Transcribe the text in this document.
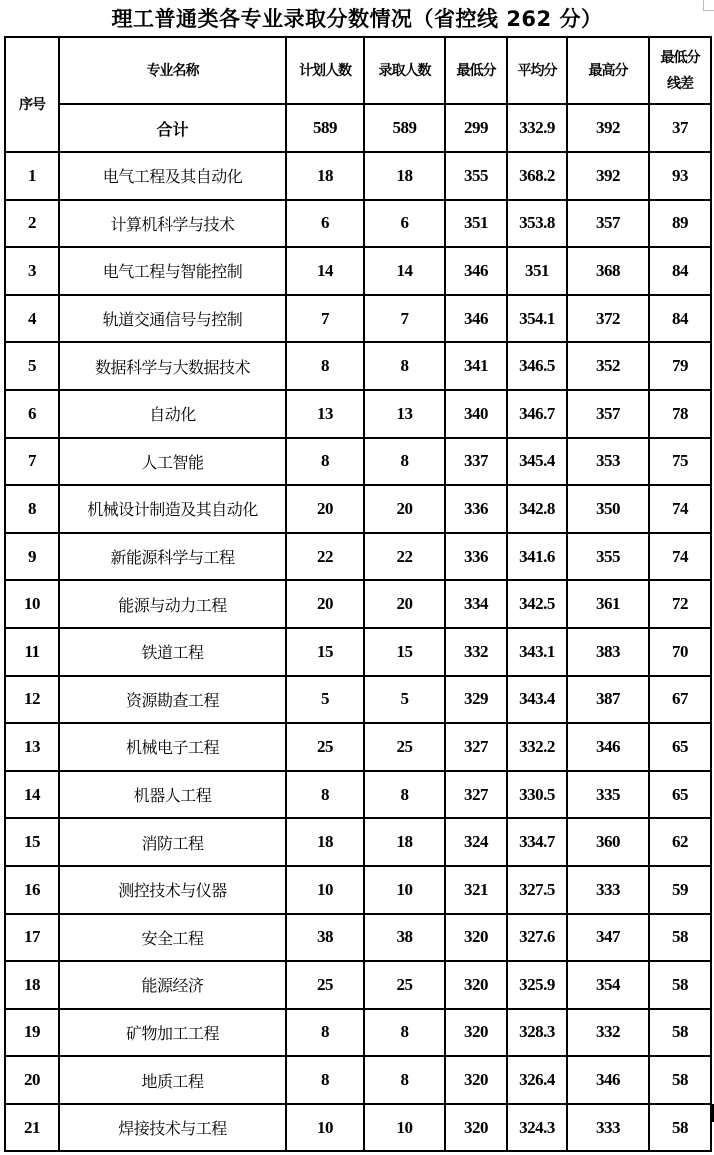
理工普通类各专业录取分数情况（省控线 262 分）
序号	专业名称	计划人数	录取人数	最低分	平均分	最高分	最低分
线差

	合计	589	589	299	332.9	392	37
1	电气工程及其自动化	18	18	355	368.2	392	93
2	计算机科学与技术	6	6	351	353.8	357	89
3	电气工程与智能控制	14	14	346	351	368	84
4	轨道交通信号与控制	7	7	346	354.1	372	84
5	数据科学与大数据技术	8	8	341	346.5	352	79
6	自动化	13	13	340	346.7	357	78
7	人工智能	8	8	337	345.4	353	75
8	机械设计制造及其自动化	20	20	336	342.8	350	74
9	新能源科学与工程	22	22	336	341.6	355	74
10	能源与动力工程	20	20	334	342.5	361	72
11	铁道工程	15	15	332	343.1	383	70
12	资源勘查工程	5	5	329	343.4	387	67
13	机械电子工程	25	25	327	332.2	346	65
14	机器人工程	8	8	327	330.5	335	65
15	消防工程	18	18	324	334.7	360	62
16	测控技术与仪器	10	10	321	327.5	333	59
17	安全工程	38	38	320	327.6	347	58
18	能源经济	25	25	320	325.9	354	58
19	矿物加工工程	8	8	320	328.3	332	58
20	地质工程	8	8	320	326.4	346	58
21	焊接技术与工程	10	10	320	324.3	333	58
